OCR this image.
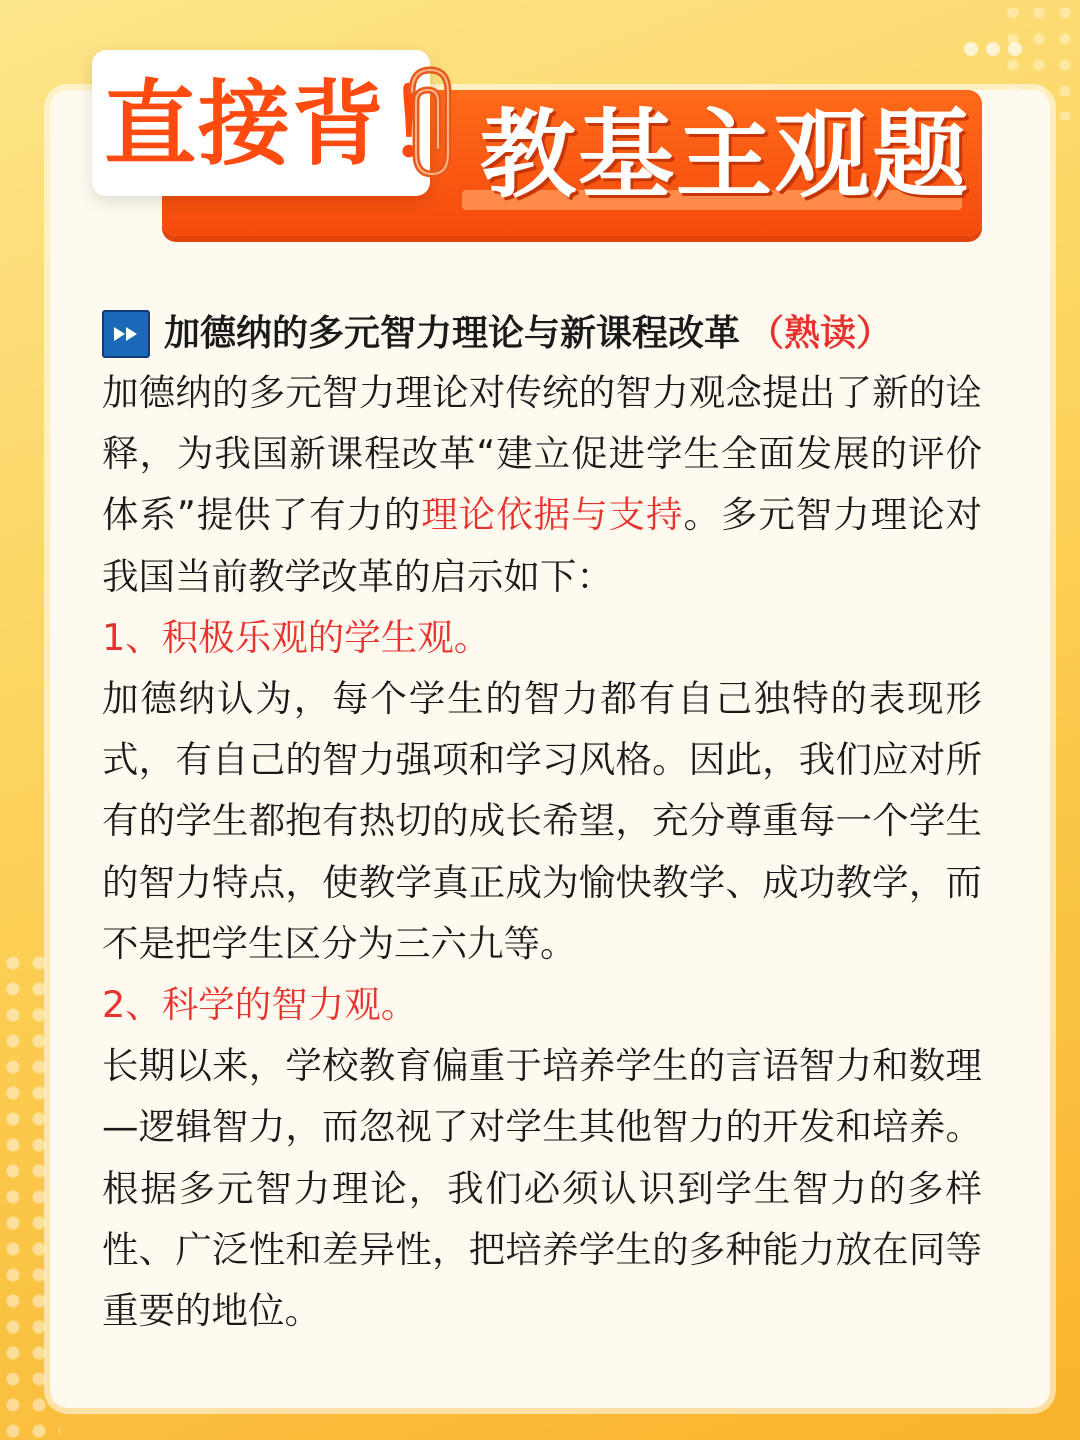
教基主观题
直接背！
加德纳的多元智力理论与新课程改革 （熟读）

加德纳的多元智力理论对传统的智力观念提出了新的诠释，为我国新课程改革“建立促进学生全面发展的评价体系”提供了有力的理论依据与支持。多元智力理论对我国当前教学改革的启示如下：

1、积极乐观的学生观。

加德纳认为，每个学生的智力都有自己独特的表现形式，有自己的智力强项和学习风格。因此，我们应对所有的学生都抱有热切的成长希望，充分尊重每一个学生的智力特点，使教学真正成为愉快教学、成功教学，而不是把学生区分为三六九等。

2、科学的智力观。

长期以来，学校教育偏重于培养学生的言语智力和数理—逻辑智力，而忽视了对学生其他智力的开发和培养。根据多元智力理论，我们必须认识到学生智力的多样性、广泛性和差异性，把培养学生的多种能力放在同等重要的地位。
